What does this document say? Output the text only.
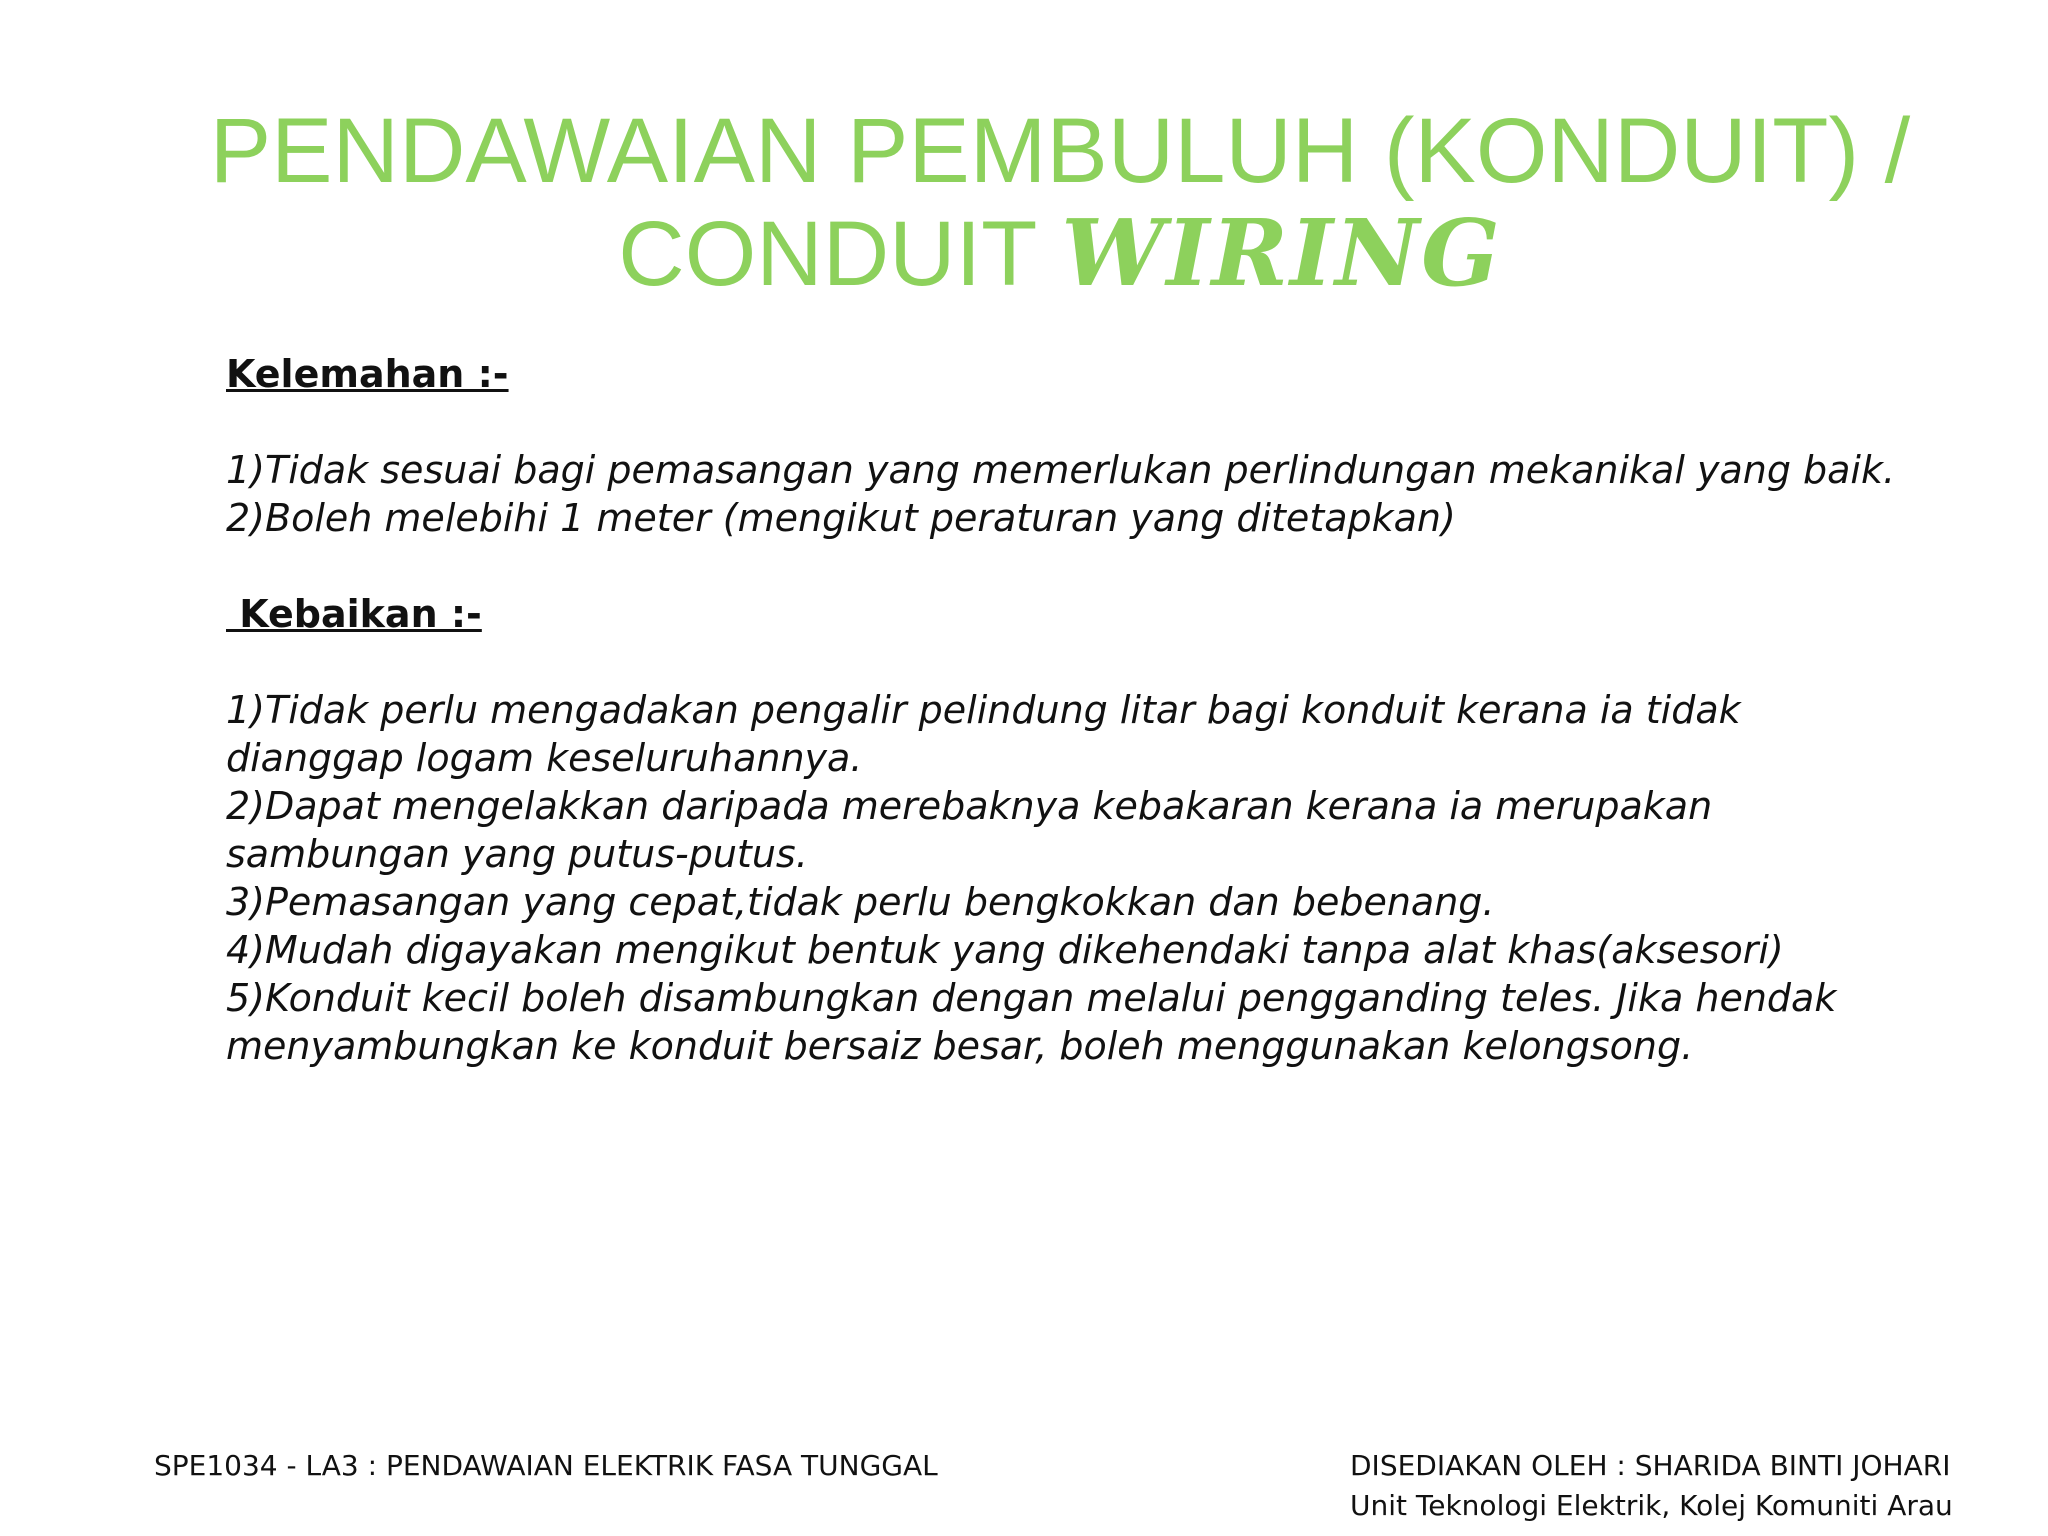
PENDAWAIAN PEMBULUH (KONDUIT) /
CONDUIT WIRING

Kelemahan :-

1)Tidak sesuai bagi pemasangan yang memerlukan perlindungan mekanikal yang baik.

2)Boleh melebihi 1 meter (mengikut peraturan yang ditetapkan)

Kebaikan :-

1)Tidak perlu mengadakan pengalir pelindung litar bagi konduit kerana ia tidak dianggap logam keseluruhannya.

2)Dapat mengelakkan daripada merebaknya kebakaran kerana ia merupakan sambungan yang putus-putus.

3)Pemasangan yang cepat,tidak perlu bengkokkan dan bebenang.

4)Mudah digayakan mengikut bentuk yang dikehendaki tanpa alat khas(aksesori)

5)Konduit kecil boleh disambungkan dengan melalui pengganding teles. Jika hendak menyambungkan ke konduit bersaiz besar, boleh menggunakan kelongsong.

SPE1034 - LA3 : PENDAWAIAN ELEKTRIK FASA TUNGGAL	DISEDIAKAN OLEH : SHARIDA BINTI JOHARI
Unit Teknologi Elektrik, Kolej Komuniti Arau
